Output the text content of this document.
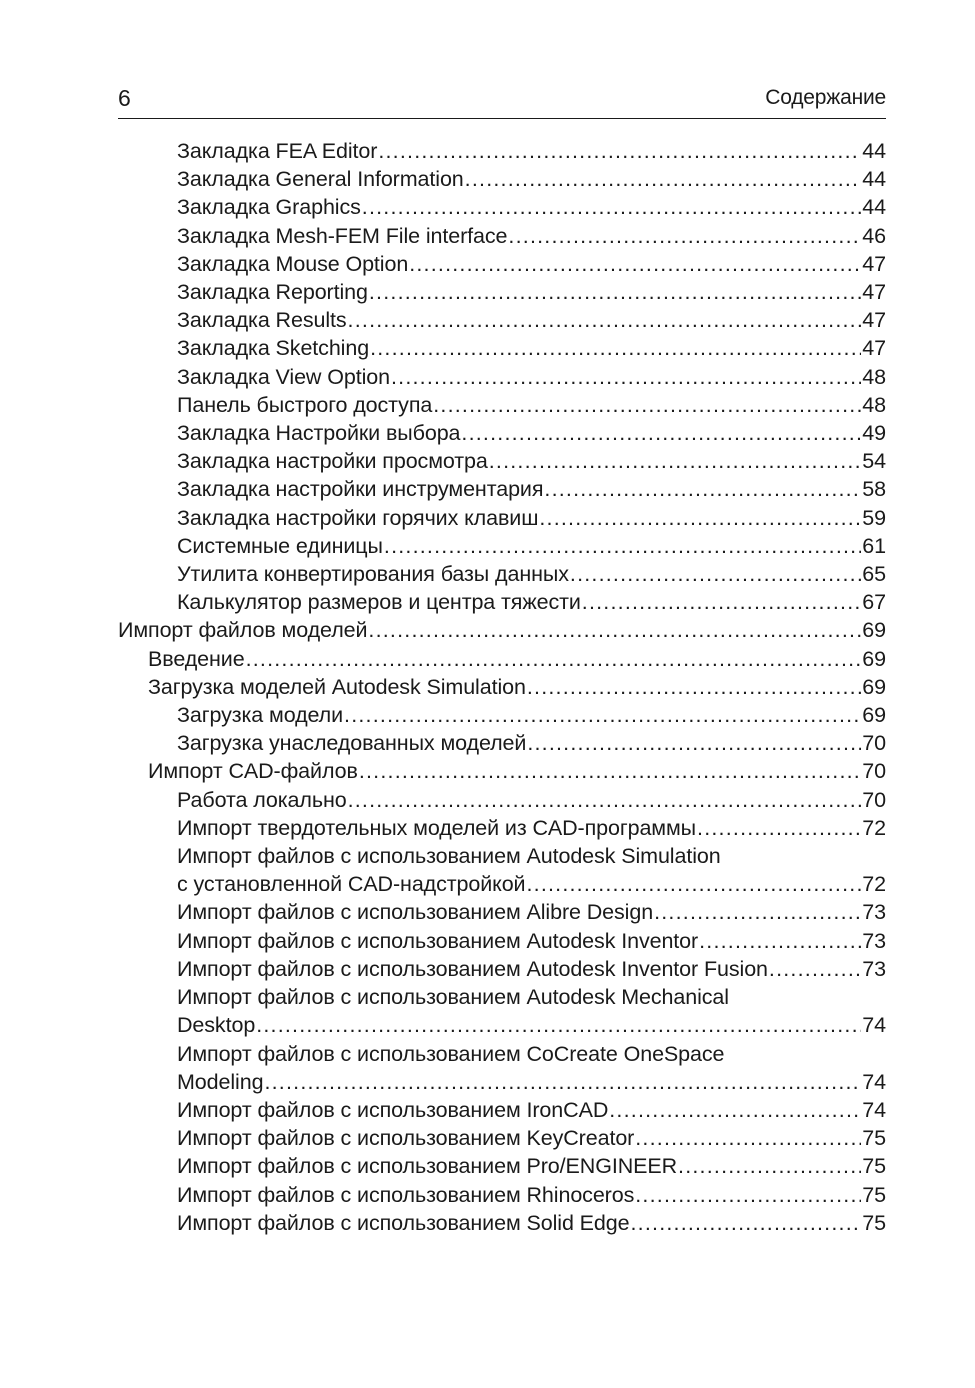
6	Содержание
Закладка FEA Editor .....	44
Закладка General Information .....	44
Закладка Graphics .....	44
Закладка Mesh-FEM File interface .....	46
Закладка Mouse Option .....	47
Закладка Reporting .....	47
Закладка Results .....	47
Закладка Sketching .....	47
Закладка View Option .....	48
Панель быстрого доступа .....	48
Закладка Настройки выбора .....	49
Закладка настройки просмотра .....	54
Закладка настройки инструментария .....	58
Закладка настройки горячих клавиш .....	59
Системные единицы .....	61
Утилита конвертирования базы данных .....	65
Калькулятор размеров и центра тяжести .....	67
Импорт файлов моделей .....	69
Введение .....	69
Загрузка моделей Autodesk Simulation .....	69
Загрузка модели .....	69
Загрузка унаследованных моделей .....	70
Импорт CAD-файлов .....	70
Работа локально .....	70
Импорт твердотельных моделей из CAD-программы .....	72
Импорт файлов с использованием Autodesk Simulation
с установленной CAD-надстройкой .....	72
Импорт файлов с использованием Alibre Design .....	73
Импорт файлов с использованием Autodesk Inventor .....	73
Импорт файлов с использованием Autodesk Inventor Fusion .....	73
Импорт файлов с использованием Autodesk Mechanical
Desktop .....	74
Импорт файлов с использованием CoCreate OneSpace
Modeling .....	74
Импорт файлов с использованием IronCAD .....	74
Импорт файлов с использованием KeyCreator .....	75
Импорт файлов с использованием Pro/ENGINEER .....	75
Импорт файлов с использованием Rhinoceros .....	75
Импорт файлов с использованием Solid Edge .....	75
